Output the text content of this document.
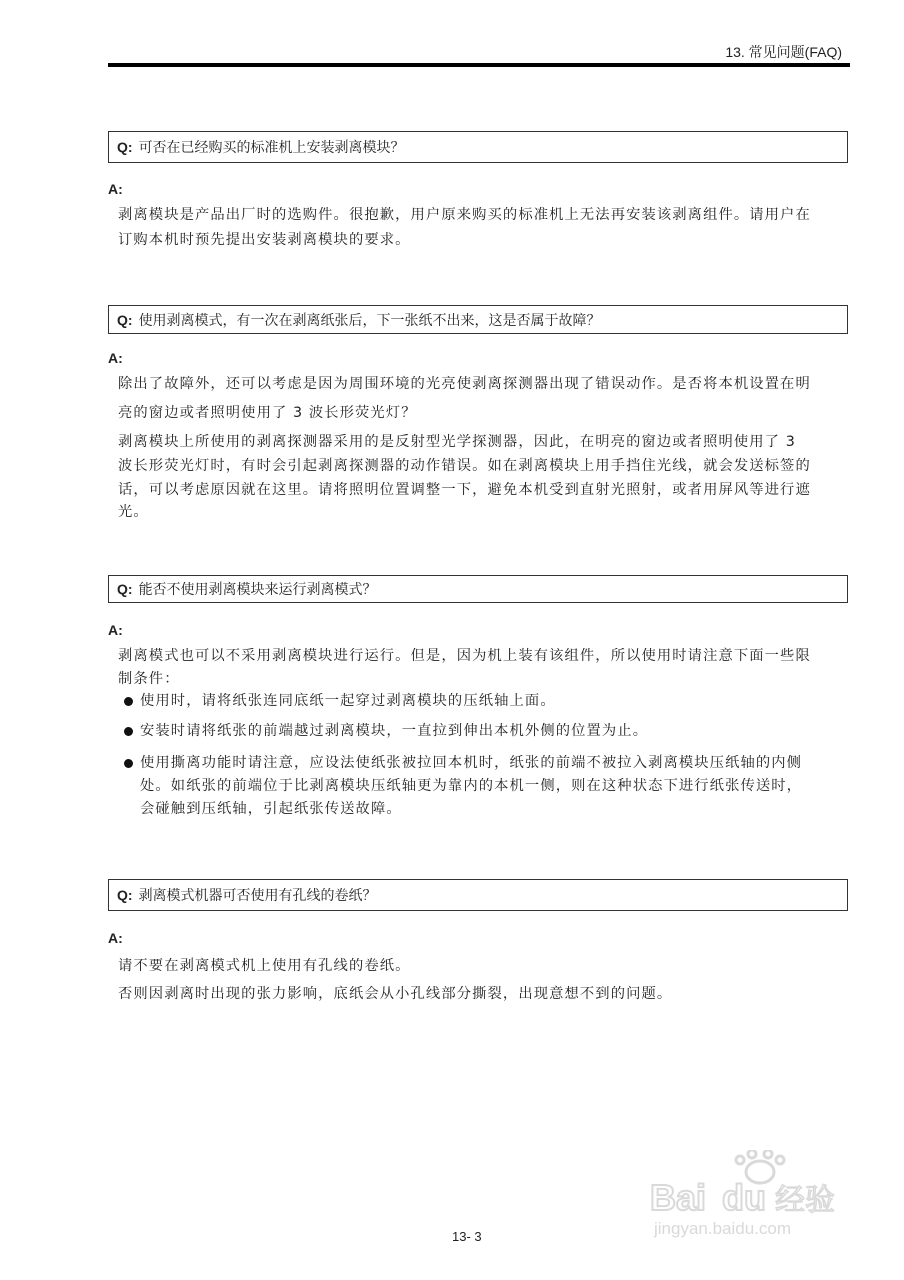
13. 常见问题(FAQ)
Q: 可否在已经购买的标准机上安装剥离模块？
A:
剥离模块是产品出厂时的选购件。很抱歉，用户原来购买的标准机上无法再安装该剥离组件。请用户在
订购本机时预先提出安装剥离模块的要求。
Q: 使用剥离模式，有一次在剥离纸张后，下一张纸不出来，这是否属于故障？
A:
除出了故障外，还可以考虑是因为周围环境的光亮使剥离探测器出现了错误动作。是否将本机设置在明
亮的窗边或者照明使用了 3 波长形荧光灯？
剥离模块上所使用的剥离探测器采用的是反射型光学探测器，因此，在明亮的窗边或者照明使用了 3
波长形荧光灯时，有时会引起剥离探测器的动作错误。如在剥离模块上用手挡住光线，就会发送标签的
话，可以考虑原因就在这里。请将照明位置调整一下，避免本机受到直射光照射，或者用屏风等进行遮
光。
Q: 能否不使用剥离模块来运行剥离模式？
A:
剥离模式也可以不采用剥离模块进行运行。但是，因为机上装有该组件，所以使用时请注意下面一些限
制条件：
使用时，请将纸张连同底纸一起穿过剥离模块的压纸轴上面。
安装时请将纸张的前端越过剥离模块，一直拉到伸出本机外侧的位置为止。
使用撕离功能时请注意，应设法使纸张被拉回本机时，纸张的前端不被拉入剥离模块压纸轴的内侧
处。如纸张的前端位于比剥离模块压纸轴更为靠内的本机一侧，则在这种状态下进行纸张传送时，
会碰触到压纸轴，引起纸张传送故障。
Q: 剥离模式机器可否使用有孔线的卷纸？
A:
请不要在剥离模式机上使用有孔线的卷纸。
否则因剥离时出现的张力影响，底纸会从小孔线部分撕裂，出现意想不到的问题。
13- 3
Bai du 经验
jingyan.baidu.com
